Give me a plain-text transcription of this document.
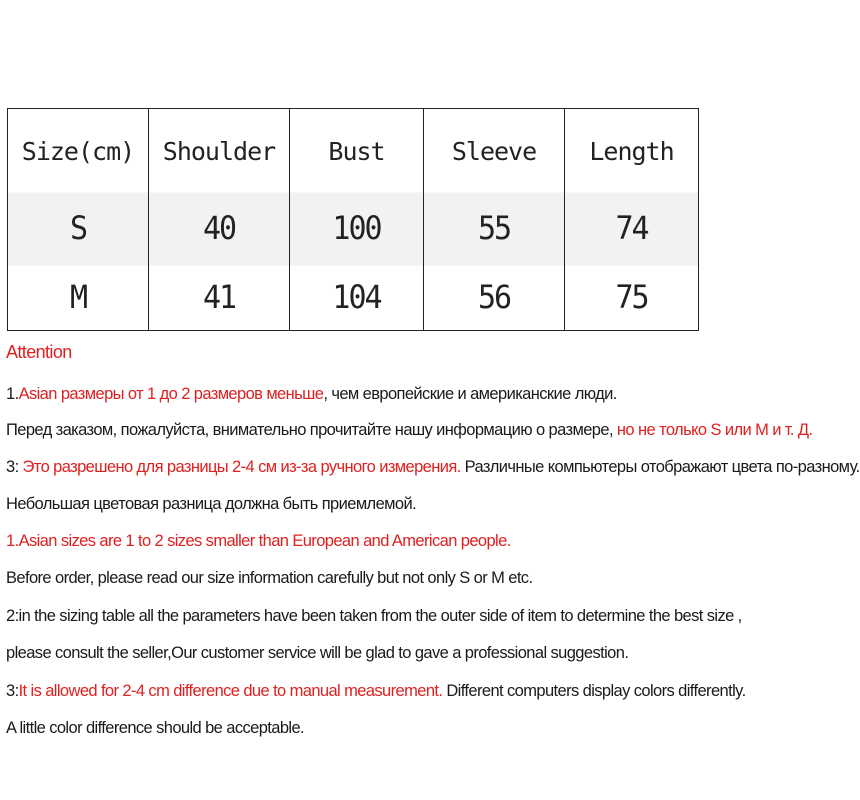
Size(cm)	Shoulder	Bust	Sleeve	Length
S	40	100	55	74
M	41	104	56	75

Attention

1.Asian размеры от 1 до 2 размеров меньше, чем европейские и американские люди.

Перед заказом, пожалуйста, внимательно прочитайте нашу информацию о размере, но не только S или M и т. Д.

3: Это разрешено для разницы 2-4 см из-за ручного измерения. Различные компьютеры отображают цвета по-разному.

Небольшая цветовая разница должна быть приемлемой.

1.Asian sizes are 1 to 2 sizes smaller than European and American people.

Before order, please read our size information carefully but not only S or M etc.

2:in the sizing table all the parameters have been taken from the outer side of item to determine the best size ,

please consult the seller,Our customer service will be glad to gave a professional suggestion.

3:It is allowed for 2-4 cm difference due to manual measurement. Different computers display colors differently.

A little color difference should be acceptable.
